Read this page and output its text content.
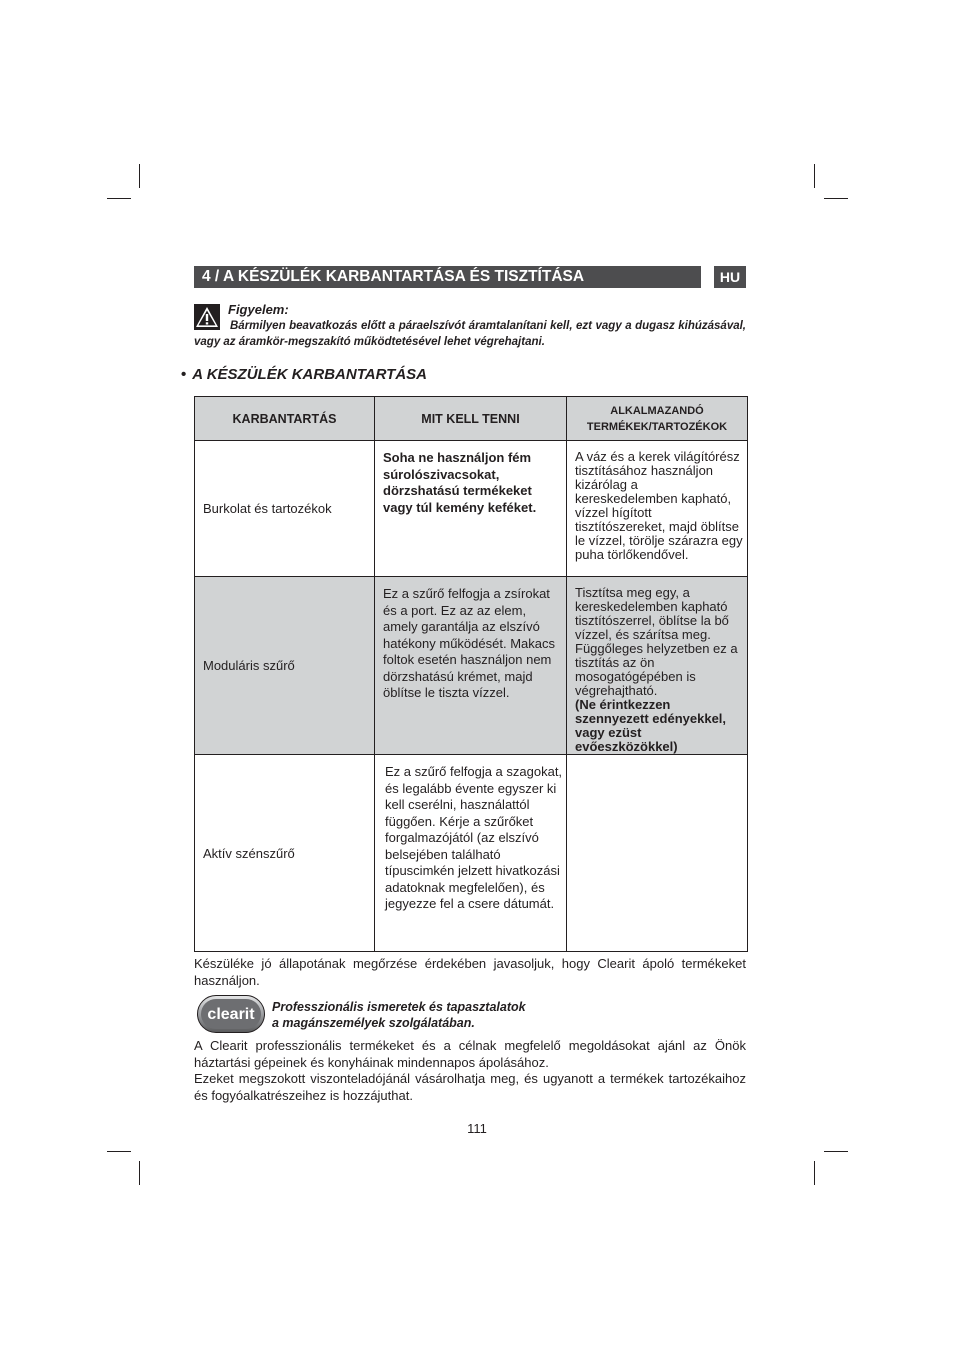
4 / A KÉSZÜLÉK KARBANTARTÁSA ÉS TISZTÍTÁSA	HU
Figyelem:
Bármilyen beavatkozás előtt a páraelszívót áramtalanítani kell, ezt vagy a dugasz kihúzásával, vagy az áramkör-megszakító működtetésével lehet végrehajtani.
• A KÉSZÜLÉK KARBANTARTÁSA
KARBANTARTÁS	MIT KELL TENNI	ALKALMAZANDÓ TERMÉKEK/TARTOZÉKOK
Burkolat és tartozékok	Soha ne használjon fém súrolószivacsokat, dörzshatású termékeket vagy túl kemény keféket.	A váz és a kerek világítórész tisztításához használjon kizárólag a kereskedelemben kapható, vízzel hígított tisztítószereket, majd öblítse le vízzel, törölje szárazra egy puha törlőkendővel.
Moduláris szűrő	Ez a szűrő felfogja a zsírokat és a port. Ez az az elem, amely garantálja az elszívó hatékony működését. Makacs foltok esetén használjon nem dörzshatású krémet, majd öblítse le tiszta vízzel.	Tisztítsa meg egy, a kereskedelemben kapható tisztítószerrel, öblítse la bő vízzel, és szárítsa meg. Függőleges helyzetben ez a tisztítás az ön mosogatógépében is végrehajtható.
(Ne érintkezzen szennyezett edényekkel, vagy ezüst evőeszközökkel)
Aktív szénszűrő	Ez a szűrő felfogja a szagokat, és legalább évente egyszer ki kell cserélni, használattól függően. Kérje a szűrőket forgalmazójától (az elszívó belsejében található típuscimkén jelzett hivatkozási adatoknak megfelelően), és jegyezze fel a csere dátumát.	
Készüléke jó állapotának megőrzése érdekében javasoljuk, hogy Clearit ápoló termékeket használjon.
clearit Professzionális ismeretek és tapasztalatok
a magánszemélyek szolgálatában.
A Clearit professzionális termékeket és a célnak megfelelő megoldásokat ajánl az Önök háztartási gépeinek és konyháinak mindennapos ápolásához.
Ezeket megszokott viszonteladójánál vásárolhatja meg, és ugyanott a termékek tartozékaihoz és fogyóalkatrészeihez is hozzájuthat.
111
